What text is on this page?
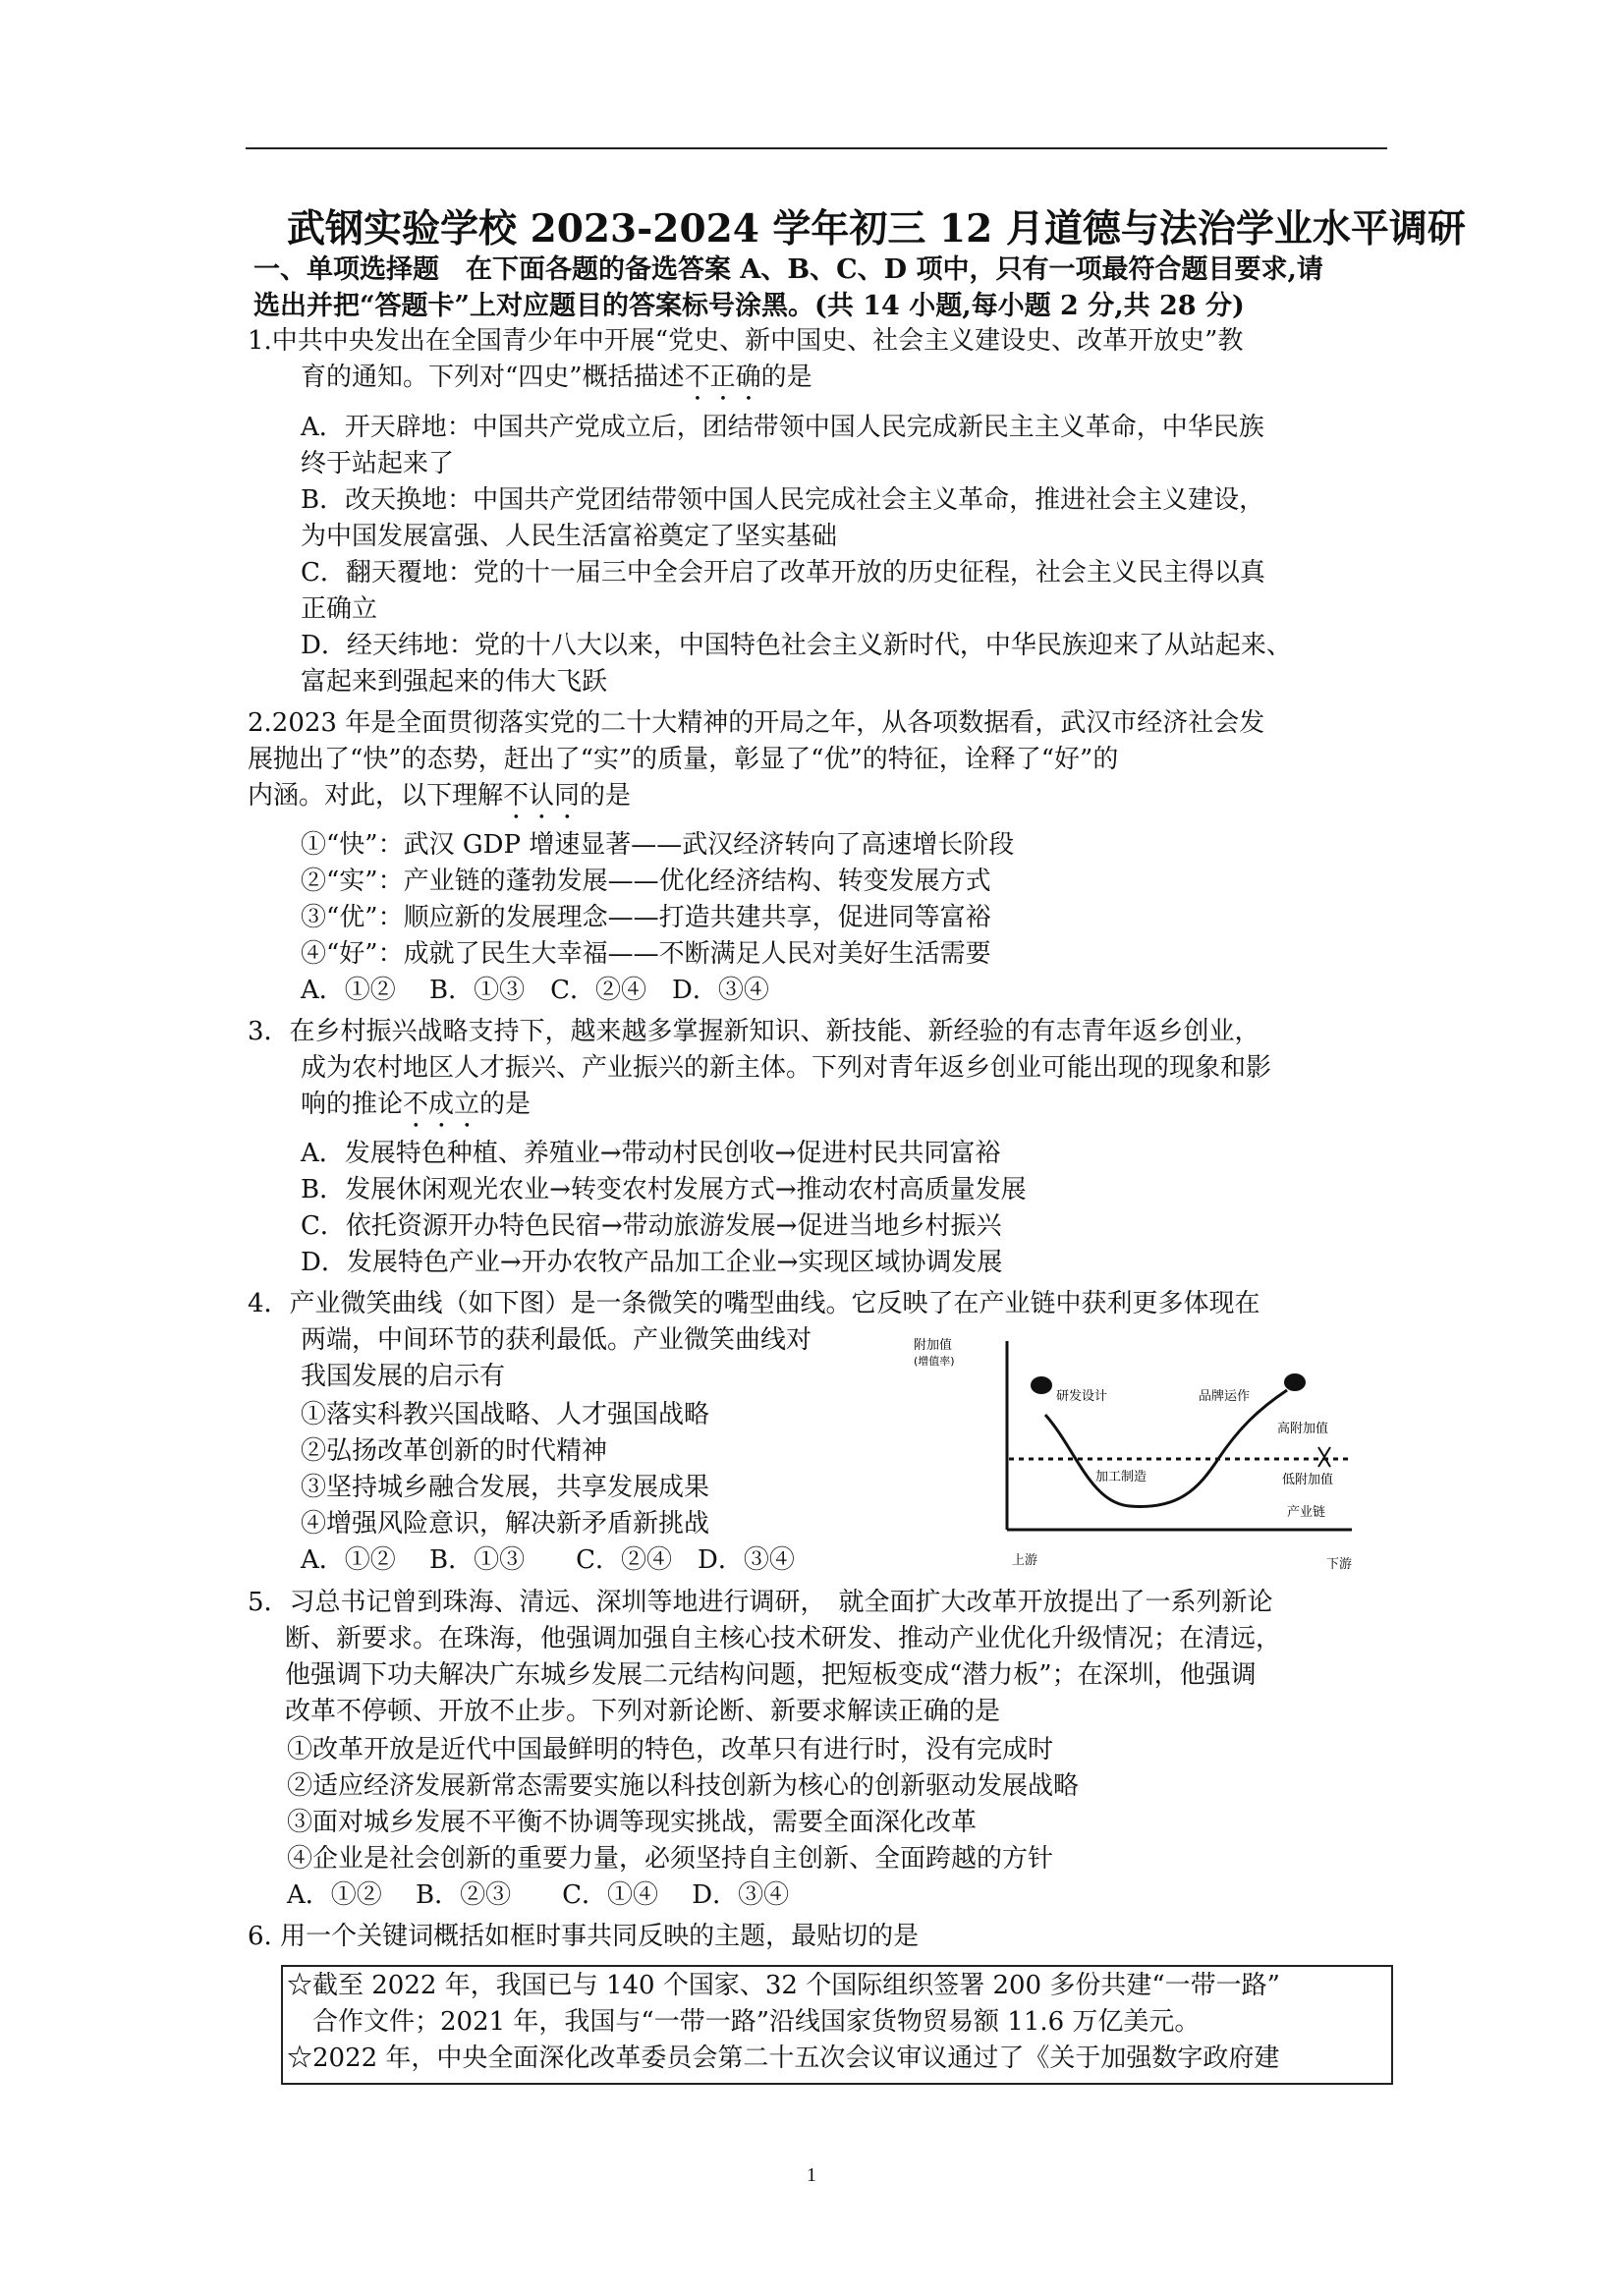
武钢实验学校 2023-2024 学年初三 12 月道德与法治学业水平调研
一、单项选择题　在下面各题的备选答案 A、B、C、D 项中，只有一项最符合题目要求,请
选出并把“答题卡”上对应题目的答案标号涂黑。(共 14 小题,每小题 2 分,共 28 分)
1.中共中央发出在全国青少年中开展“党史、新中国史、社会主义建设史、改革开放史”教
育的通知。下列对“四史”概括描述不正确的是
A．开天辟地：中国共产党成立后，团结带领中国人民完成新民主主义革命，中华民族
终于站起来了
B．改天换地：中国共产党团结带领中国人民完成社会主义革命，推进社会主义建设，
为中国发展富强、人民生活富裕奠定了坚实基础
C．翻天覆地：党的十一届三中全会开启了改革开放的历史征程，社会主义民主得以真
正确立
D．经天纬地：党的十八大以来，中国特色社会主义新时代，中华民族迎来了从站起来、
富起来到强起来的伟大飞跃
2.2023 年是全面贯彻落实党的二十大精神的开局之年，从各项数据看，武汉市经济社会发
展抛出了“快”的态势，赶出了“实”的质量，彰显了“优”的特征，诠释了“好”的
内涵。对此，以下理解不认同的是
①“快”：武汉 GDP 增速显著——武汉经济转向了高速增长阶段
②“实”：产业链的蓬勃发展——优化经济结构、转变发展方式
③“优”：顺应新的发展理念——打造共建共享，促进同等富裕
④“好”：成就了民生大幸福——不断满足人民对美好生活需要
A．①②　 B．①③　C．②④　D．③④
3．在乡村振兴战略支持下，越来越多掌握新知识、新技能、新经验的有志青年返乡创业，
成为农村地区人才振兴、产业振兴的新主体。下列对青年返乡创业可能出现的现象和影
响的推论不成立的是
A．发展特色种植、养殖业→带动村民创收→促进村民共同富裕
B．发展休闲观光农业→转变农村发展方式→推动农村高质量发展
C．依托资源开办特色民宿→带动旅游发展→促进当地乡村振兴
D．发展特色产业→开办农牧产品加工企业→实现区域协调发展
4．产业微笑曲线（如下图）是一条微笑的嘴型曲线。它反映了在产业链中获利更多体现在
两端，中间环节的获利最低。产业微笑曲线对
我国发展的启示有
①落实科教兴国战略、人才强国战略
②弘扬改革创新的时代精神
③坚持城乡融合发展，共享发展成果
④增强风险意识，解决新矛盾新挑战
A．①②　 B．①③　　C．②④　D．③④
附加值
(增值率)
研发设计	品牌运作
高附加值
低附加值
加工制造
产业链
上游	下游
5．习总书记曾到珠海、清远、深圳等地进行调研，　就全面扩大改革开放提出了一系列新论
断、新要求。在珠海，他强调加强自主核心技术研发、推动产业优化升级情况；在清远，
他强调下功夫解决广东城乡发展二元结构问题，把短板变成“潜力板”；在深圳，他强调
改革不停顿、开放不止步。下列对新论断、新要求解读正确的是
①改革开放是近代中国最鲜明的特色，改革只有进行时，没有完成时
②适应经济发展新常态需要实施以科技创新为核心的创新驱动发展战略
③面对城乡发展不平衡不协调等现实挑战，需要全面深化改革
④企业是社会创新的重要力量，必须坚持自主创新、全面跨越的方针
A．①②　 B．②③　　C．①④　 D．③④
6. 用一个关键词概括如框时事共同反映的主题，最贴切的是
☆截至 2022 年，我国已与 140 个国家、32 个国际组织签署 200 多份共建“一带一路”
合作文件；2021 年，我国与“一带一路”沿线国家货物贸易额 11.6 万亿美元。
☆2022 年，中央全面深化改革委员会第二十五次会议审议通过了《关于加强数字政府建
1
